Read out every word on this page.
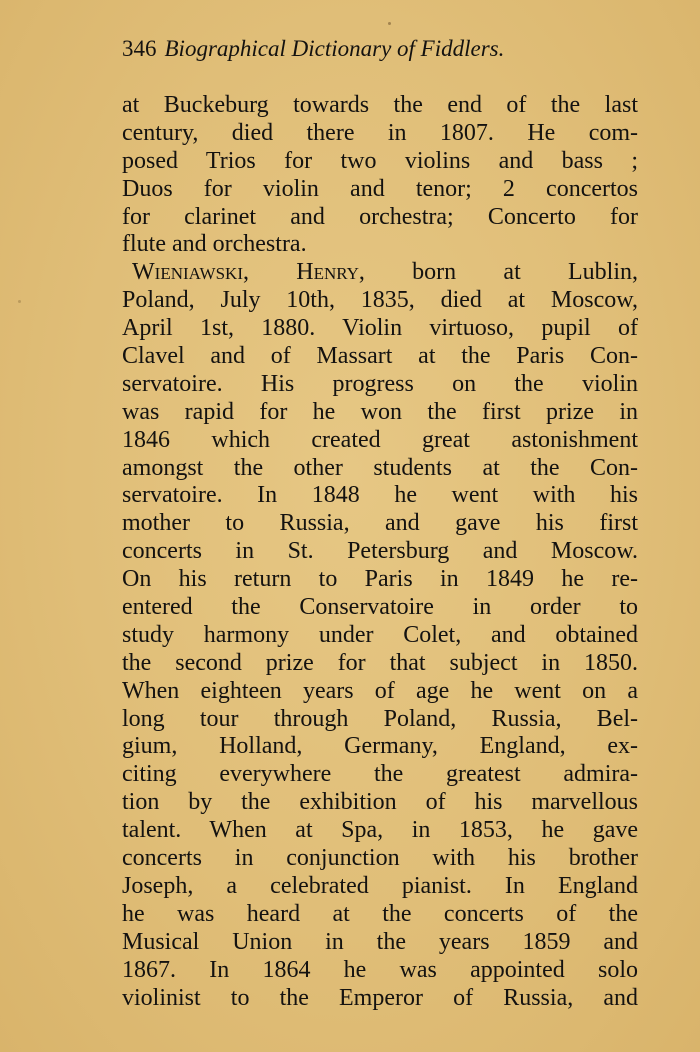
346 Biographical Dictionary of Fiddlers.
at Buckeburg towards the end of the last
century, died there in 1807. He com-
posed Trios for two violins and bass ;
Duos for violin and tenor; 2 concertos
for clarinet and orchestra; Concerto for
flute and orchestra.
Wieniawski, Henry, born at Lublin,
Poland, July 10th, 1835, died at Moscow,
April 1st, 1880. Violin virtuoso, pupil of
Clavel and of Massart at the Paris Con-
servatoire. His progress on the violin
was rapid for he won the first prize in
1846 which created great astonishment
amongst the other students at the Con-
servatoire. In 1848 he went with his
mother to Russia, and gave his first
concerts in St. Petersburg and Moscow.
On his return to Paris in 1849 he re-
entered the Conservatoire in order to
study harmony under Colet, and obtained
the second prize for that subject in 1850.
When eighteen years of age he went on a
long tour through Poland, Russia, Bel-
gium, Holland, Germany, England, ex-
citing everywhere the greatest admira-
tion by the exhibition of his marvellous
talent. When at Spa, in 1853, he gave
concerts in conjunction with his brother
Joseph, a celebrated pianist. In England
he was heard at the concerts of the
Musical Union in the years 1859 and
1867. In 1864 he was appointed solo
violinist to the Emperor of Russia, and
